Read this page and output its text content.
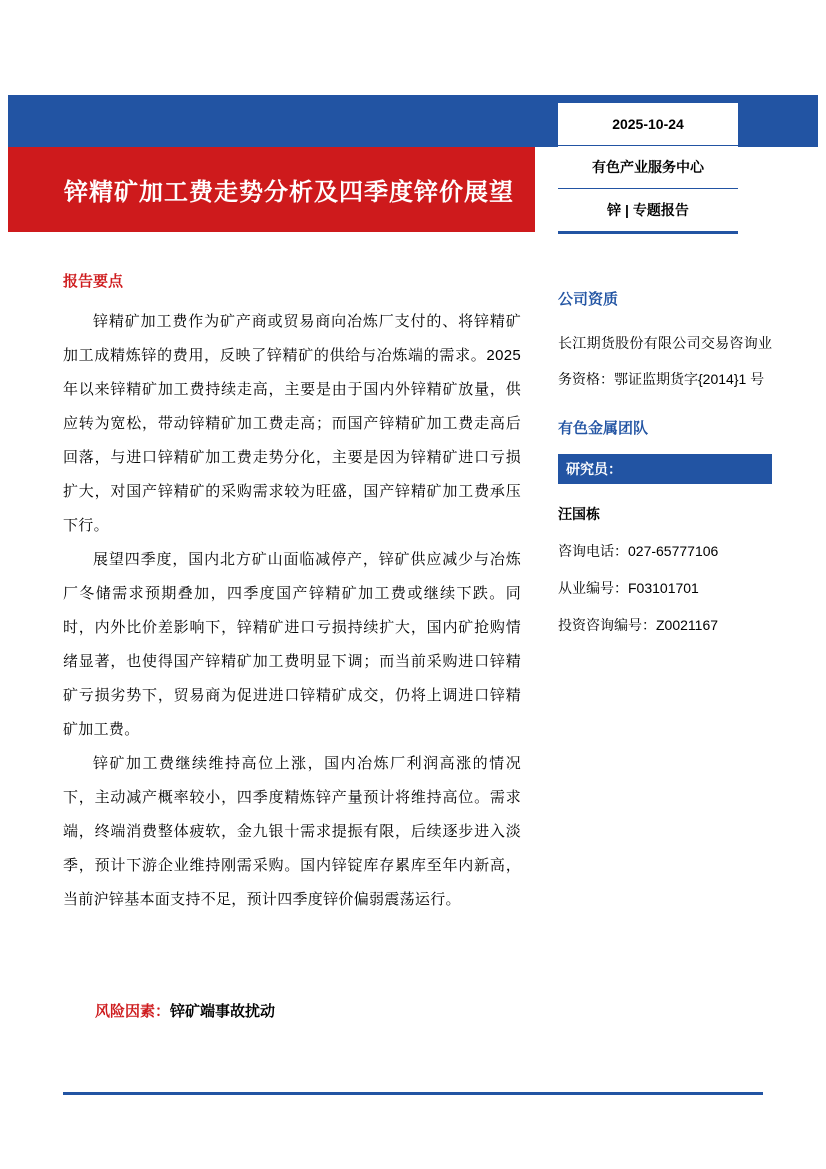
锌精矿加工费走势分析及四季度锌价展望
2025-10-24
有色产业服务中心
锌 | 专题报告
报告要点

锌精矿加工费作为矿产商或贸易商向冶炼厂支付的、将锌精矿加工成精炼锌的费用，反映了锌精矿的供给与冶炼端的需求。2025 年以来锌精矿加工费持续走高，主要是由于国内外锌精矿放量，供应转为宽松，带动锌精矿加工费走高；而国产锌精矿加工费走高后回落，与进口锌精矿加工费走势分化，主要是因为锌精矿进口亏损扩大，对国产锌精矿的采购需求较为旺盛，国产锌精矿加工费承压下行。

展望四季度，国内北方矿山面临减停产，锌矿供应减少与冶炼厂冬储需求预期叠加，四季度国产锌精矿加工费或继续下跌。同时，内外比价差影响下，锌精矿进口亏损持续扩大，国内矿抢购情绪显著，也使得国产锌精矿加工费明显下调；而当前采购进口锌精矿亏损劣势下，贸易商为促进进口锌精矿成交，仍将上调进口锌精矿加工费。

锌矿加工费继续维持高位上涨，国内冶炼厂利润高涨的情况下，主动减产概率较小，四季度精炼锌产量预计将维持高位。需求端，终端消费整体疲软，金九银十需求提振有限，后续逐步进入淡季，预计下游企业维持刚需采购。国内锌锭库存累库至年内新高，当前沪锌基本面支持不足，预计四季度锌价偏弱震荡运行。

风险因素：锌矿端事故扰动
公司资质

长江期货股份有限公司交易咨询业务资格：鄂证监期货字{2014}1 号

有色金属团队
研究员：
汪国栋
咨询电话：027-65777106
从业编号：F03101701
投资咨询编号：Z0021167
